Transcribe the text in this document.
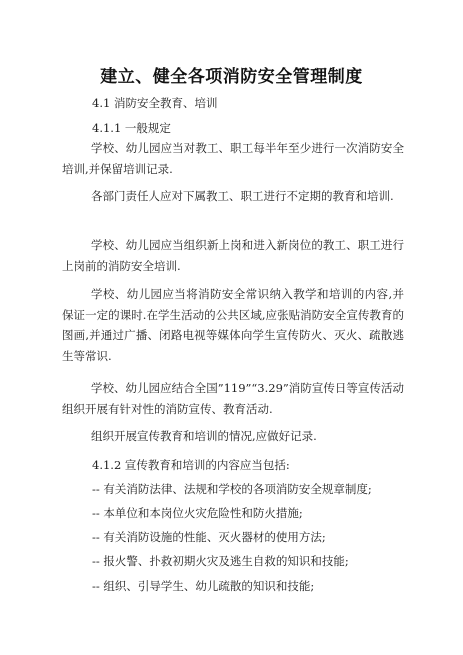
建立、健全各项消防安全管理制度
4.1 消防安全教育、培训
4.1.1 一般规定
学校、幼儿园应当对教工、职工每半年至少进行一次消防安全培训,并保留培训记录.
各部门责任人应对下属教工、职工进行不定期的教育和培训.
学校、幼儿园应当组织新上岗和进入新岗位的教工、职工进行上岗前的消防安全培训.
学校、幼儿园应当将消防安全常识纳入教学和培训的内容,并保证一定的课时.在学生活动的公共区域,应张贴消防安全宣传教育的图画,并通过广播、闭路电视等媒体向学生宣传防火、灭火、疏散逃生等常识.
学校、幼儿园应结合全国”119”“3.29”消防宣传日等宣传活动组织开展有针对性的消防宣传、教育活动.
组织开展宣传教育和培训的情况,应做好记录.
4.1.2 宣传教育和培训的内容应当包括:
-- 有关消防法律、法规和学校的各项消防安全规章制度;
-- 本单位和本岗位火灾危险性和防火措施;
-- 有关消防设施的性能、灭火器材的使用方法;
-- 报火警、扑救初期火灾及逃生自救的知识和技能;
-- 组织、引导学生、幼儿疏散的知识和技能;
